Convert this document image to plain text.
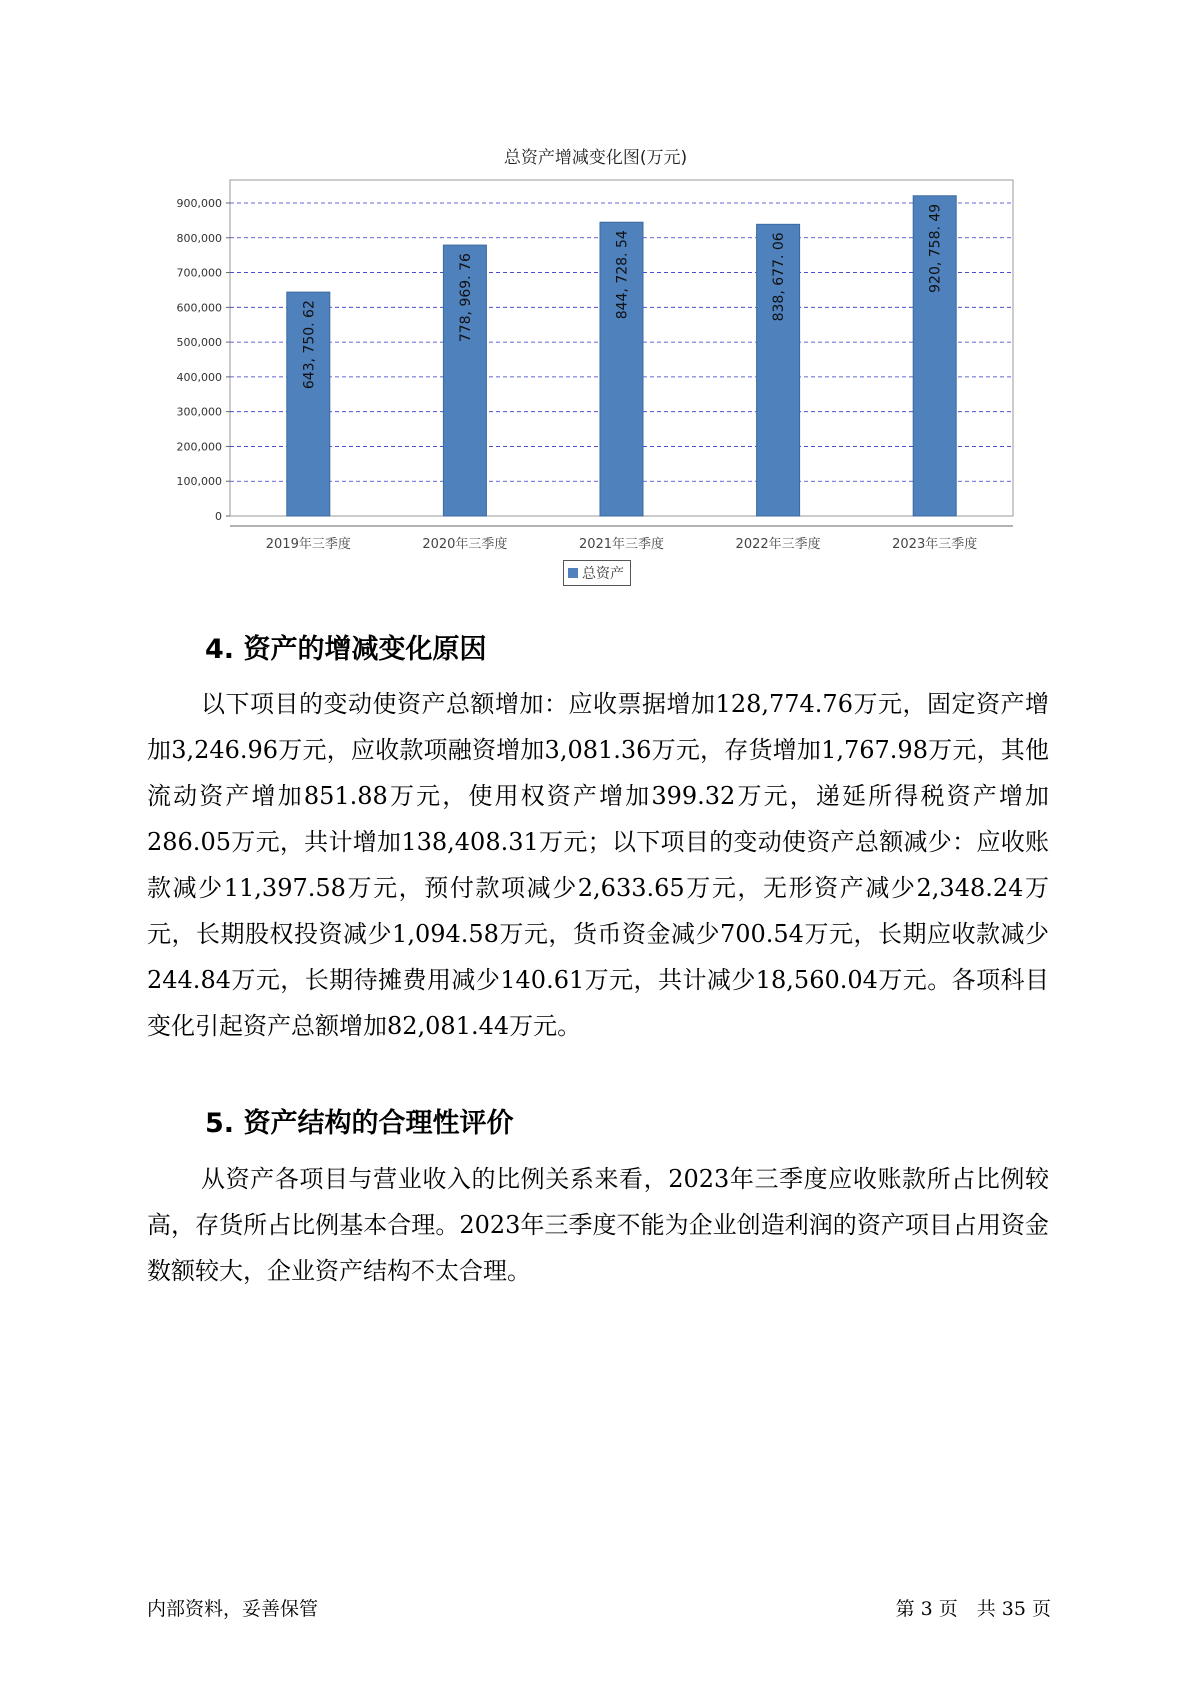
总资产增减变化图(万元)
0
100,000
200,000
300,000
400,000
500,000
600,000
700,000
800,000
900,000
643, 750. 62
2019年三季度
778, 969. 76
2020年三季度
844, 728. 54
2021年三季度
838, 677. 06
2022年三季度
920, 758. 49
2023年三季度
总资产
4. 资产的增减变化原因

以下项目的变动使资产总额增加：应收票据增加128,774.76万元，固定资产增加3,246.96万元，应收款项融资增加3,081.36万元，存货增加1,767.98万元，其他流动资产增加851.88万元，使用权资产增加399.32万元，递延所得税资产增加286.05万元，共计增加138,408.31万元；以下项目的变动使资产总额减少：应收账款减少11,397.58万元，预付款项减少2,633.65万元，无形资产减少2,348.24万元，长期股权投资减少1,094.58万元，货币资金减少700.54万元，长期应收款减少244.84万元，长期待摊费用减少140.61万元，共计减少18,560.04万元。各项科目变化引起资产总额增加82,081.44万元。

5. 资产结构的合理性评价

从资产各项目与营业收入的比例关系来看，2023年三季度应收账款所占比例较高，存货所占比例基本合理。2023年三季度不能为企业创造利润的资产项目占用资金数额较大，企业资产结构不太合理。

内部资料，妥善保管	第 3 页　共 35 页
